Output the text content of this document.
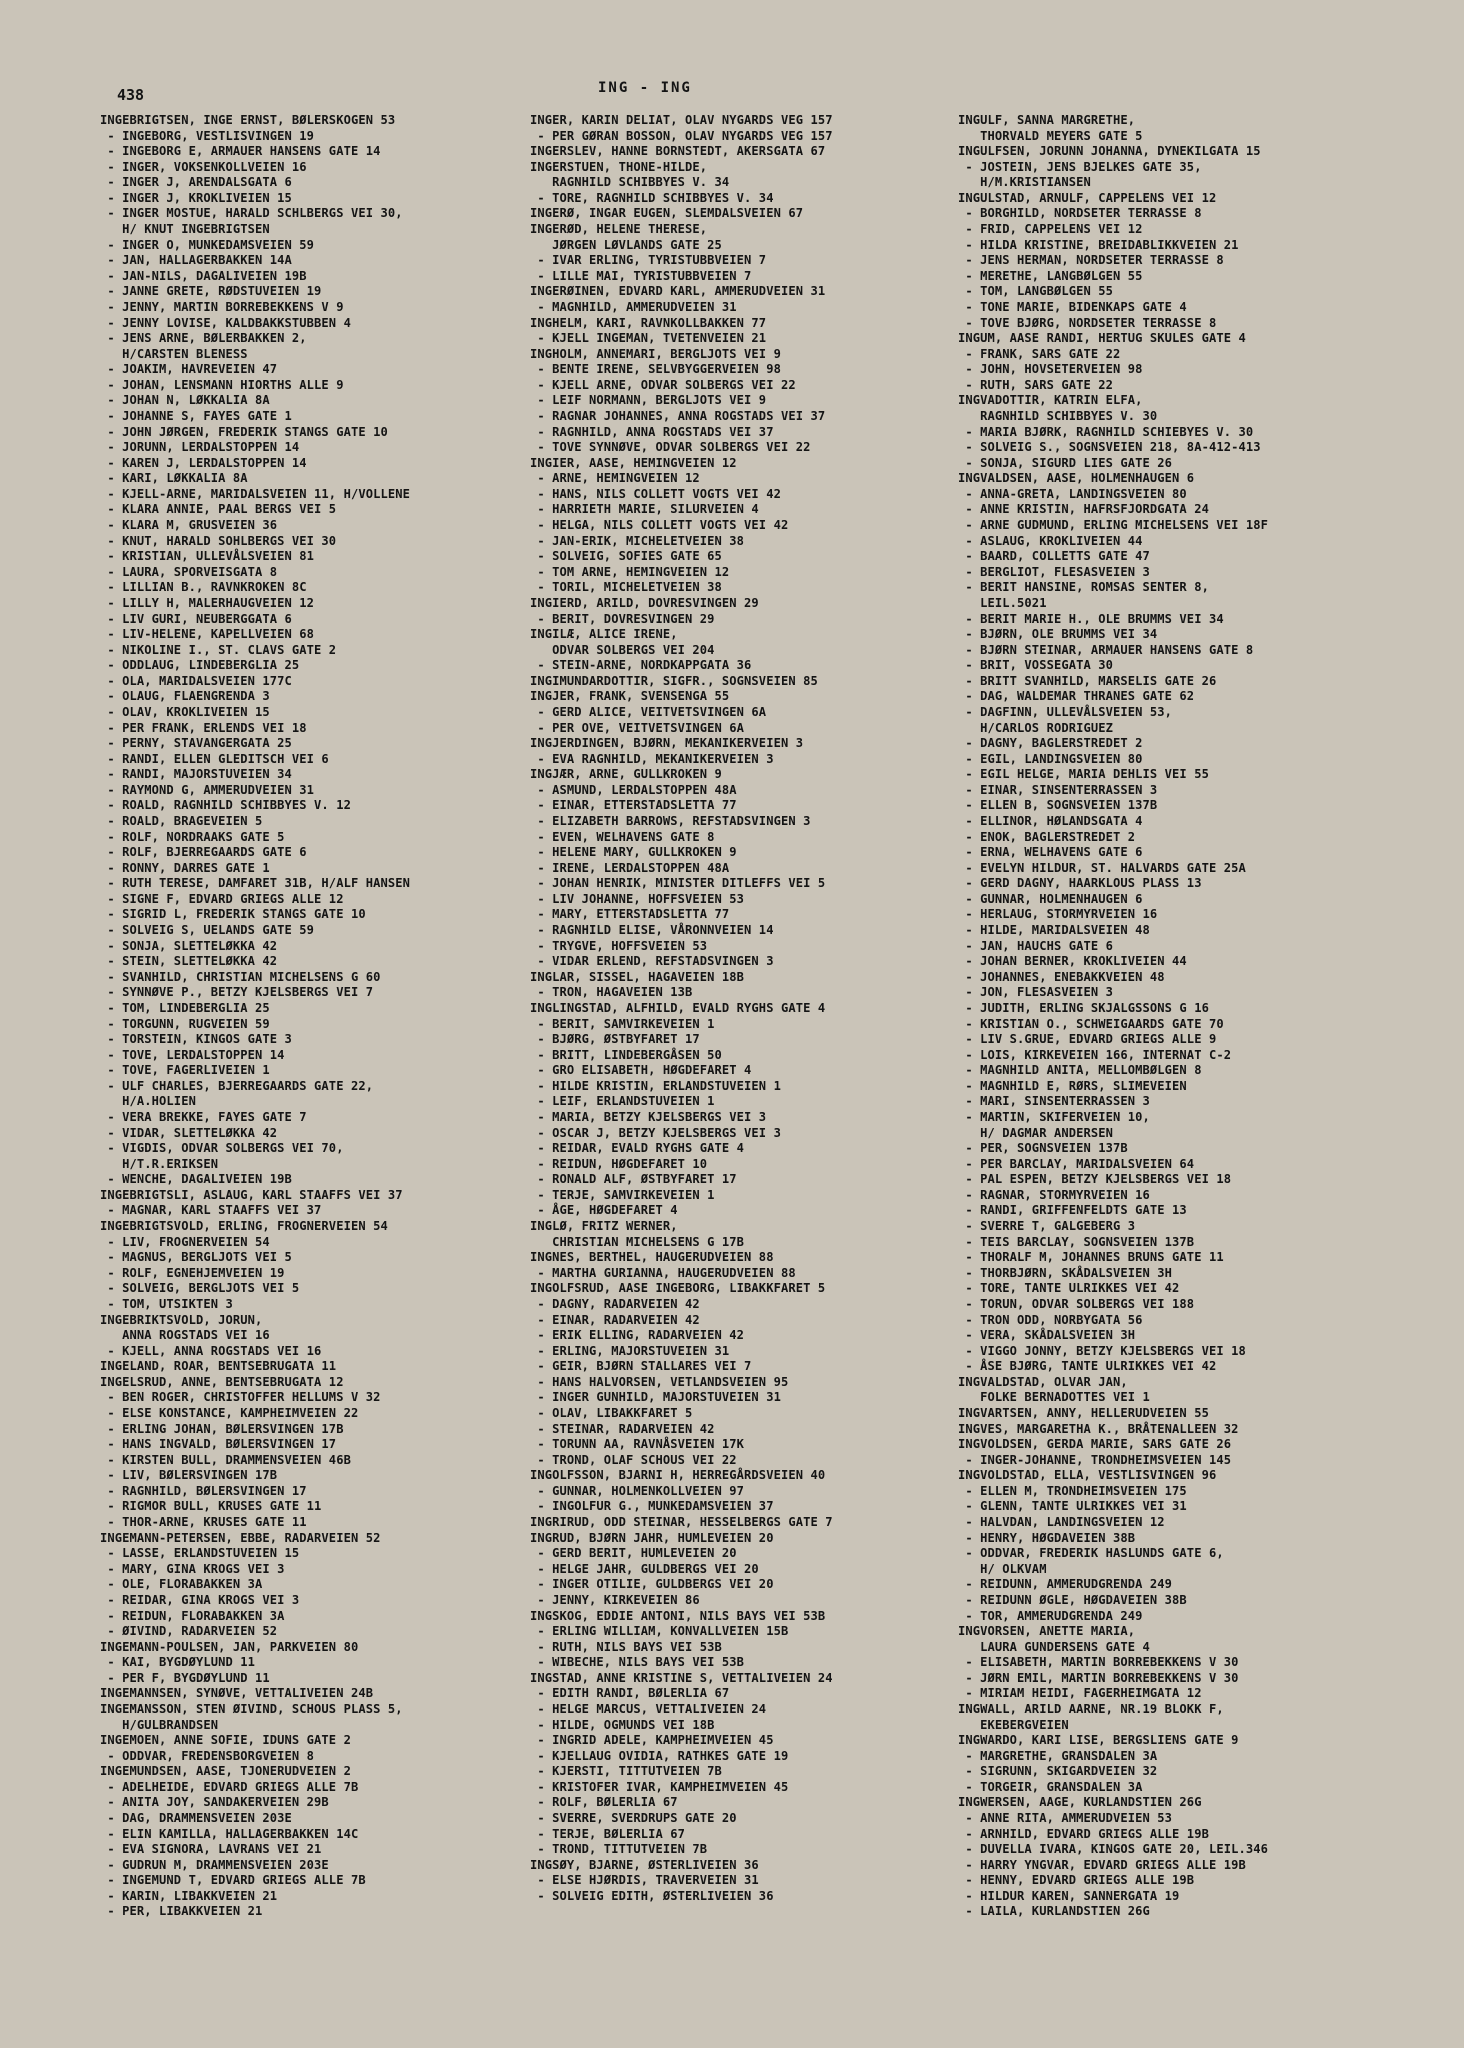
438	ING - ING
INGEBRIGTSEN, INGE ERNST, BØLERSKOGEN 53
- INGEBORG, VESTLISVINGEN 19
- INGEBORG E, ARMAUER HANSENS GATE 14
- INGER, VOKSENKOLLVEIEN 16
- INGER J, ARENDALSGATA 6
- INGER J, KROKLIVEIEN 15
- INGER MOSTUE, HARALD SCHLBERGS VEI 30,
H/ KNUT INGEBRIGTSEN
- INGER O, MUNKEDAMSVEIEN 59
- JAN, HALLAGERBAKKEN 14A
- JAN-NILS, DAGALIVEIEN 19B
- JANNE GRETE, RØDSTUVEIEN 19
- JENNY, MARTIN BORREBEKKENS V 9
- JENNY LOVISE, KALDBAKKSTUBBEN 4
- JENS ARNE, BØLERBAKKEN 2,
H/CARSTEN BLENESS
- JOAKIM, HAVREVEIEN 47
- JOHAN, LENSMANN HIORTHS ALLE 9
- JOHAN N, LØKKALIA 8A
- JOHANNE S, FAYES GATE 1
- JOHN JØRGEN, FREDERIK STANGS GATE 10
- JORUNN, LERDALSTOPPEN 14
- KAREN J, LERDALSTOPPEN 14
- KARI, LØKKALIA 8A
- KJELL-ARNE, MARIDALSVEIEN 11, H/VOLLENE
- KLARA ANNIE, PAAL BERGS VEI 5
- KLARA M, GRUSVEIEN 36
- KNUT, HARALD SOHLBERGS VEI 30
- KRISTIAN, ULLEVÅLSVEIEN 81
- LAURA, SPORVEISGATA 8
- LILLIAN B., RAVNKROKEN 8C
- LILLY H, MALERHAUGVEIEN 12
- LIV GURI, NEUBERGGATA 6
- LIV-HELENE, KAPELLVEIEN 68
- NIKOLINE I., ST. CLAVS GATE 2
- ODDLAUG, LINDEBERGLIA 25
- OLA, MARIDALSVEIEN 177C
- OLAUG, FLAENGRENDA 3
- OLAV, KROKLIVEIEN 15
- PER FRANK, ERLENDS VEI 18
- PERNY, STAVANGERGATA 25
- RANDI, ELLEN GLEDITSCH VEI 6
- RANDI, MAJORSTUVEIEN 34
- RAYMOND G, AMMERUDVEIEN 31
- ROALD, RAGNHILD SCHIBBYES V. 12
- ROALD, BRAGEVEIEN 5
- ROLF, NORDRAAKS GATE 5
- ROLF, BJERREGAARDS GATE 6
- RONNY, DARRES GATE 1
- RUTH TERESE, DAMFARET 31B, H/ALF HANSEN
- SIGNE F, EDVARD GRIEGS ALLE 12
- SIGRID L, FREDERIK STANGS GATE 10
- SOLVEIG S, UELANDS GATE 59
- SONJA, SLETTELØKKA 42
- STEIN, SLETTELØKKA 42
- SVANHILD, CHRISTIAN MICHELSENS G 60
- SYNNØVE P., BETZY KJELSBERGS VEI 7
- TOM, LINDEBERGLIA 25
- TORGUNN, RUGVEIEN 59
- TORSTEIN, KINGOS GATE 3
- TOVE, LERDALSTOPPEN 14
- TOVE, FAGERLIVEIEN 1
- ULF CHARLES, BJERREGAARDS GATE 22,
H/A.HOLIEN
- VERA BREKKE, FAYES GATE 7
- VIDAR, SLETTELØKKA 42
- VIGDIS, ODVAR SOLBERGS VEI 70,
H/T.R.ERIKSEN
- WENCHE, DAGALIVEIEN 19B
INGEBRIGTSLI, ASLAUG, KARL STAAFFS VEI 37
- MAGNAR, KARL STAAFFS VEI 37
INGEBRIGTSVOLD, ERLING, FROGNERVEIEN 54
- LIV, FROGNERVEIEN 54
- MAGNUS, BERGLJOTS VEI 5
- ROLF, EGNEHJEMVEIEN 19
- SOLVEIG, BERGLJOTS VEI 5
- TOM, UTSIKTEN 3
INGEBRIKTSVOLD, JORUN,
ANNA ROGSTADS VEI 16
- KJELL, ANNA ROGSTADS VEI 16
INGELAND, ROAR, BENTSEBRUGATA 11
INGELSRUD, ANNE, BENTSEBRUGATA 12
- BEN ROGER, CHRISTOFFER HELLUMS V 32
- ELSE KONSTANCE, KAMPHEIMVEIEN 22
- ERLING JOHAN, BØLERSVINGEN 17B
- HANS INGVALD, BØLERSVINGEN 17
- KIRSTEN BULL, DRAMMENSVEIEN 46B
- LIV, BØLERSVINGEN 17B
- RAGNHILD, BØLERSVINGEN 17
- RIGMOR BULL, KRUSES GATE 11
- THOR-ARNE, KRUSES GATE 11
INGEMANN-PETERSEN, EBBE, RADARVEIEN 52
- LASSE, ERLANDSTUVEIEN 15
- MARY, GINA KROGS VEI 3
- OLE, FLORABAKKEN 3A
- REIDAR, GINA KROGS VEI 3
- REIDUN, FLORABAKKEN 3A
- ØIVIND, RADARVEIEN 52
INGEMANN-POULSEN, JAN, PARKVEIEN 80
- KAI, BYGDØYLUND 11
- PER F, BYGDØYLUND 11
INGEMANNSEN, SYNØVE, VETTALIVEIEN 24B
INGEMANSSON, STEN ØIVIND, SCHOUS PLASS 5,
H/GULBRANDSEN
INGEMOEN, ANNE SOFIE, IDUNS GATE 2
- ODDVAR, FREDENSBORGVEIEN 8
INGEMUNDSEN, AASE, TJONERUDVEIEN 2
- ADELHEIDE, EDVARD GRIEGS ALLE 7B
- ANITA JOY, SANDAKERVEIEN 29B
- DAG, DRAMMENSVEIEN 203E
- ELIN KAMILLA, HALLAGERBAKKEN 14C
- EVA SIGNORA, LAVRANS VEI 21
- GUDRUN M, DRAMMENSVEIEN 203E
- INGEMUND T, EDVARD GRIEGS ALLE 7B
- KARIN, LIBAKKVEIEN 21
- PER, LIBAKKVEIEN 21
INGER, KARIN DELIAT, OLAV NYGARDS VEG 157
- PER GØRAN BOSSON, OLAV NYGARDS VEG 157
INGERSLEV, HANNE BORNSTEDT, AKERSGATA 67
INGERSTUEN, THONE-HILDE,
RAGNHILD SCHIBBYES V. 34
- TORE, RAGNHILD SCHIBBYES V. 34
INGERØ, INGAR EUGEN, SLEMDALSVEIEN 67
INGERØD, HELENE THERESE,
JØRGEN LØVLANDS GATE 25
- IVAR ERLING, TYRISTUBBVEIEN 7
- LILLE MAI, TYRISTUBBVEIEN 7
INGERØINEN, EDVARD KARL, AMMERUDVEIEN 31
- MAGNHILD, AMMERUDVEIEN 31
INGHELM, KARI, RAVNKOLLBAKKEN 77
- KJELL INGEMAN, TVETENVEIEN 21
INGHOLM, ANNEMARI, BERGLJOTS VEI 9
- BENTE IRENE, SELVBYGGERVEIEN 98
- KJELL ARNE, ODVAR SOLBERGS VEI 22
- LEIF NORMANN, BERGLJOTS VEI 9
- RAGNAR JOHANNES, ANNA ROGSTADS VEI 37
- RAGNHILD, ANNA ROGSTADS VEI 37
- TOVE SYNNØVE, ODVAR SOLBERGS VEI 22
INGIER, AASE, HEMINGVEIEN 12
- ARNE, HEMINGVEIEN 12
- HANS, NILS COLLETT VOGTS VEI 42
- HARRIETH MARIE, SILURVEIEN 4
- HELGA, NILS COLLETT VOGTS VEI 42
- JAN-ERIK, MICHELETVEIEN 38
- SOLVEIG, SOFIES GATE 65
- TOM ARNE, HEMINGVEIEN 12
- TORIL, MICHELETVEIEN 38
INGIERD, ARILD, DOVRESVINGEN 29
- BERIT, DOVRESVINGEN 29
INGILÆ, ALICE IRENE,
ODVAR SOLBERGS VEI 204
- STEIN-ARNE, NORDKAPPGATA 36
INGIMUNDARDOTTIR, SIGFR., SOGNSVEIEN 85
INGJER, FRANK, SVENSENGA 55
- GERD ALICE, VEITVETSVINGEN 6A
- PER OVE, VEITVETSVINGEN 6A
INGJERDINGEN, BJØRN, MEKANIKERVEIEN 3
- EVA RAGNHILD, MEKANIKERVEIEN 3
INGJÆR, ARNE, GULLKROKEN 9
- ASMUND, LERDALSTOPPEN 48A
- EINAR, ETTERSTADSLETTA 77
- ELIZABETH BARROWS, REFSTADSVINGEN 3
- EVEN, WELHAVENS GATE 8
- HELENE MARY, GULLKROKEN 9
- IRENE, LERDALSTOPPEN 48A
- JOHAN HENRIK, MINISTER DITLEFFS VEI 5
- LIV JOHANNE, HOFFSVEIEN 53
- MARY, ETTERSTADSLETTA 77
- RAGNHILD ELISE, VÅRONNVEIEN 14
- TRYGVE, HOFFSVEIEN 53
- VIDAR ERLEND, REFSTADSVINGEN 3
INGLAR, SISSEL, HAGAVEIEN 18B
- TRON, HAGAVEIEN 13B
INGLINGSTAD, ALFHILD, EVALD RYGHS GATE 4
- BERIT, SAMVIRKEVEIEN 1
- BJØRG, ØSTBYFARET 17
- BRITT, LINDEBERGÅSEN 50
- GRO ELISABETH, HØGDEFARET 4
- HILDE KRISTIN, ERLANDSTUVEIEN 1
- LEIF, ERLANDSTUVEIEN 1
- MARIA, BETZY KJELSBERGS VEI 3
- OSCAR J, BETZY KJELSBERGS VEI 3
- REIDAR, EVALD RYGHS GATE 4
- REIDUN, HØGDEFARET 10
- RONALD ALF, ØSTBYFARET 17
- TERJE, SAMVIRKEVEIEN 1
- ÅGE, HØGDEFARET 4
INGLØ, FRITZ WERNER,
CHRISTIAN MICHELSENS G 17B
INGNES, BERTHEL, HAUGERUDVEIEN 88
- MARTHA GURIANNA, HAUGERUDVEIEN 88
INGOLFSRUD, AASE INGEBORG, LIBAKKFARET 5
- DAGNY, RADARVEIEN 42
- EINAR, RADARVEIEN 42
- ERIK ELLING, RADARVEIEN 42
- ERLING, MAJORSTUVEIEN 31
- GEIR, BJØRN STALLARES VEI 7
- HANS HALVORSEN, VETLANDSVEIEN 95
- INGER GUNHILD, MAJORSTUVEIEN 31
- OLAV, LIBAKKFARET 5
- STEINAR, RADARVEIEN 42
- TORUNN AA, RAVNÅSVEIEN 17K
- TROND, OLAF SCHOUS VEI 22
INGOLFSSON, BJARNI H, HERREGÅRDSVEIEN 40
- GUNNAR, HOLMENKOLLVEIEN 97
- INGOLFUR G., MUNKEDAMSVEIEN 37
INGRIRUD, ODD STEINAR, HESSELBERGS GATE 7
INGRUD, BJØRN JAHR, HUMLEVEIEN 20
- GERD BERIT, HUMLEVEIEN 20
- HELGE JAHR, GULDBERGS VEI 20
- INGER OTILIE, GULDBERGS VEI 20
- JENNY, KIRKEVEIEN 86
INGSKOG, EDDIE ANTONI, NILS BAYS VEI 53B
- ERLING WILLIAM, KONVALLVEIEN 15B
- RUTH, NILS BAYS VEI 53B
- WIBECHE, NILS BAYS VEI 53B
INGSTAD, ANNE KRISTINE S, VETTALIVEIEN 24
- EDITH RANDI, BØLERLIA 67
- HELGE MARCUS, VETTALIVEIEN 24
- HILDE, OGMUNDS VEI 18B
- INGRID ADELE, KAMPHEIMVEIEN 45
- KJELLAUG OVIDIA, RATHKES GATE 19
- KJERSTI, TITTUTVEIEN 7B
- KRISTOFER IVAR, KAMPHEIMVEIEN 45
- ROLF, BØLERLIA 67
- SVERRE, SVERDRUPS GATE 20
- TERJE, BØLERLIA 67
- TROND, TITTUTVEIEN 7B
INGSØY, BJARNE, ØSTERLIVEIEN 36
- ELSE HJØRDIS, TRAVERVEIEN 31
- SOLVEIG EDITH, ØSTERLIVEIEN 36
INGULF, SANNA MARGRETHE,
THORVALD MEYERS GATE 5
INGULFSEN, JORUNN JOHANNA, DYNEKILGATA 15
- JOSTEIN, JENS BJELKES GATE 35,
H/M.KRISTIANSEN
INGULSTAD, ARNULF, CAPPELENS VEI 12
- BORGHILD, NORDSETER TERRASSE 8
- FRID, CAPPELENS VEI 12
- HILDA KRISTINE, BREIDABLIKKVEIEN 21
- JENS HERMAN, NORDSETER TERRASSE 8
- MERETHE, LANGBØLGEN 55
- TOM, LANGBØLGEN 55
- TONE MARIE, BIDENKAPS GATE 4
- TOVE BJØRG, NORDSETER TERRASSE 8
INGUM, AASE RANDI, HERTUG SKULES GATE 4
- FRANK, SARS GATE 22
- JOHN, HOVSETERVEIEN 98
- RUTH, SARS GATE 22
INGVADOTTIR, KATRIN ELFA,
RAGNHILD SCHIBBYES V. 30
- MARIA BJØRK, RAGNHILD SCHIEBYES V. 30
- SOLVEIG S., SOGNSVEIEN 218, 8A-412-413
- SONJA, SIGURD LIES GATE 26
INGVALDSEN, AASE, HOLMENHAUGEN 6
- ANNA-GRETA, LANDINGSVEIEN 80
- ANNE KRISTIN, HAFRSFJORDGATA 24
- ARNE GUDMUND, ERLING MICHELSENS VEI 18F
- ASLAUG, KROKLIVEIEN 44
- BAARD, COLLETTS GATE 47
- BERGLIOT, FLESASVEIEN 3
- BERIT HANSINE, ROMSAS SENTER 8,
LEIL.5021
- BERIT MARIE H., OLE BRUMMS VEI 34
- BJØRN, OLE BRUMMS VEI 34
- BJØRN STEINAR, ARMAUER HANSENS GATE 8
- BRIT, VOSSEGATA 30
- BRITT SVANHILD, MARSELIS GATE 26
- DAG, WALDEMAR THRANES GATE 62
- DAGFINN, ULLEVÅLSVEIEN 53,
H/CARLOS RODRIGUEZ
- DAGNY, BAGLERSTREDET 2
- EGIL, LANDINGSVEIEN 80
- EGIL HELGE, MARIA DEHLIS VEI 55
- EINAR, SINSENTERRASSEN 3
- ELLEN B, SOGNSVEIEN 137B
- ELLINOR, HØLANDSGATA 4
- ENOK, BAGLERSTREDET 2
- ERNA, WELHAVENS GATE 6
- EVELYN HILDUR, ST. HALVARDS GATE 25A
- GERD DAGNY, HAARKLOUS PLASS 13
- GUNNAR, HOLMENHAUGEN 6
- HERLAUG, STORMYRVEIEN 16
- HILDE, MARIDALSVEIEN 48
- JAN, HAUCHS GATE 6
- JOHAN BERNER, KROKLIVEIEN 44
- JOHANNES, ENEBAKKVEIEN 48
- JON, FLESASVEIEN 3
- JUDITH, ERLING SKJALGSSONS G 16
- KRISTIAN O., SCHWEIGAARDS GATE 70
- LIV S.GRUE, EDVARD GRIEGS ALLE 9
- LOIS, KIRKEVEIEN 166, INTERNAT C-2
- MAGNHILD ANITA, MELLOMBØLGEN 8
- MAGNHILD E, RØRS, SLIMEVEIEN
- MARI, SINSENTERRASSEN 3
- MARTIN, SKIFERVEIEN 10,
H/ DAGMAR ANDERSEN
- PER, SOGNSVEIEN 137B
- PER BARCLAY, MARIDALSVEIEN 64
- PAL ESPEN, BETZY KJELSBERGS VEI 18
- RAGNAR, STORMYRVEIEN 16
- RANDI, GRIFFENFELDTS GATE 13
- SVERRE T, GALGEBERG 3
- TEIS BARCLAY, SOGNSVEIEN 137B
- THORALF M, JOHANNES BRUNS GATE 11
- THORBJØRN, SKÅDALSVEIEN 3H
- TORE, TANTE ULRIKKES VEI 42
- TORUN, ODVAR SOLBERGS VEI 188
- TRON ODD, NORBYGATA 56
- VERA, SKÅDALSVEIEN 3H
- VIGGO JONNY, BETZY KJELSBERGS VEI 18
- ÅSE BJØRG, TANTE ULRIKKES VEI 42
INGVALDSTAD, OLVAR JAN,
FOLKE BERNADOTTES VEI 1
INGVARTSEN, ANNY, HELLERUDVEIEN 55
INGVES, MARGARETHA K., BRÅTENALLEEN 32
INGVOLDSEN, GERDA MARIE, SARS GATE 26
- INGER-JOHANNE, TRONDHEIMSVEIEN 145
INGVOLDSTAD, ELLA, VESTLISVINGEN 96
- ELLEN M, TRONDHEIMSVEIEN 175
- GLENN, TANTE ULRIKKES VEI 31
- HALVDAN, LANDINGSVEIEN 12
- HENRY, HØGDAVEIEN 38B
- ODDVAR, FREDERIK HASLUNDS GATE 6,
H/ OLKVAM
- REIDUNN, AMMERUDGRENDA 249
- REIDUNN ØGLE, HØGDAVEIEN 38B
- TOR, AMMERUDGRENDA 249
INGVORSEN, ANETTE MARIA,
LAURA GUNDERSENS GATE 4
- ELISABETH, MARTIN BORREBEKKENS V 30
- JØRN EMIL, MARTIN BORREBEKKENS V 30
- MIRIAM HEIDI, FAGERHEIMGATA 12
INGWALL, ARILD AARNE, NR.19 BLOKK F,
EKEBERGVEIEN
INGWARDO, KARI LISE, BERGSLIENS GATE 9
- MARGRETHE, GRANSDALEN 3A
- SIGRUNN, SKIGARDVEIEN 32
- TORGEIR, GRANSDALEN 3A
INGWERSEN, AAGE, KURLANDSTIEN 26G
- ANNE RITA, AMMERUDVEIEN 53
- ARNHILD, EDVARD GRIEGS ALLE 19B
- DUVELLA IVARA, KINGOS GATE 20, LEIL.346
- HARRY YNGVAR, EDVARD GRIEGS ALLE 19B
- HENNY, EDVARD GRIEGS ALLE 19B
- HILDUR KAREN, SANNERGATA 19
- LAILA, KURLANDSTIEN 26G
